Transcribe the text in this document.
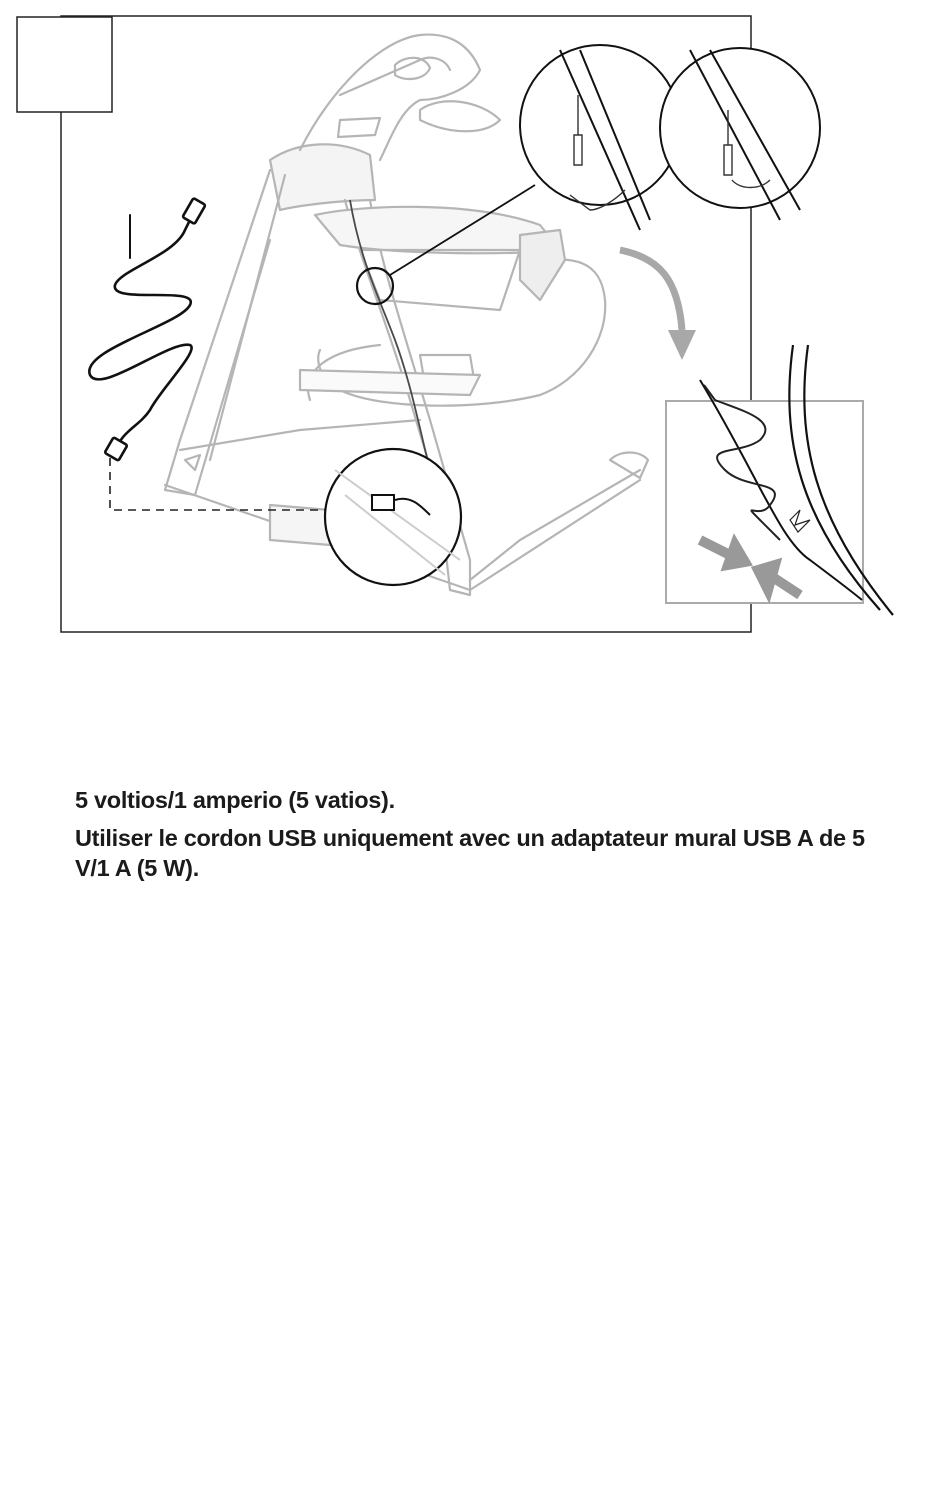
5 voltios/1 amperio (5 vatios).

Utiliser le cordon USB uniquement avec un adaptateur mural USB A de 5 V/1 A (5 W).
